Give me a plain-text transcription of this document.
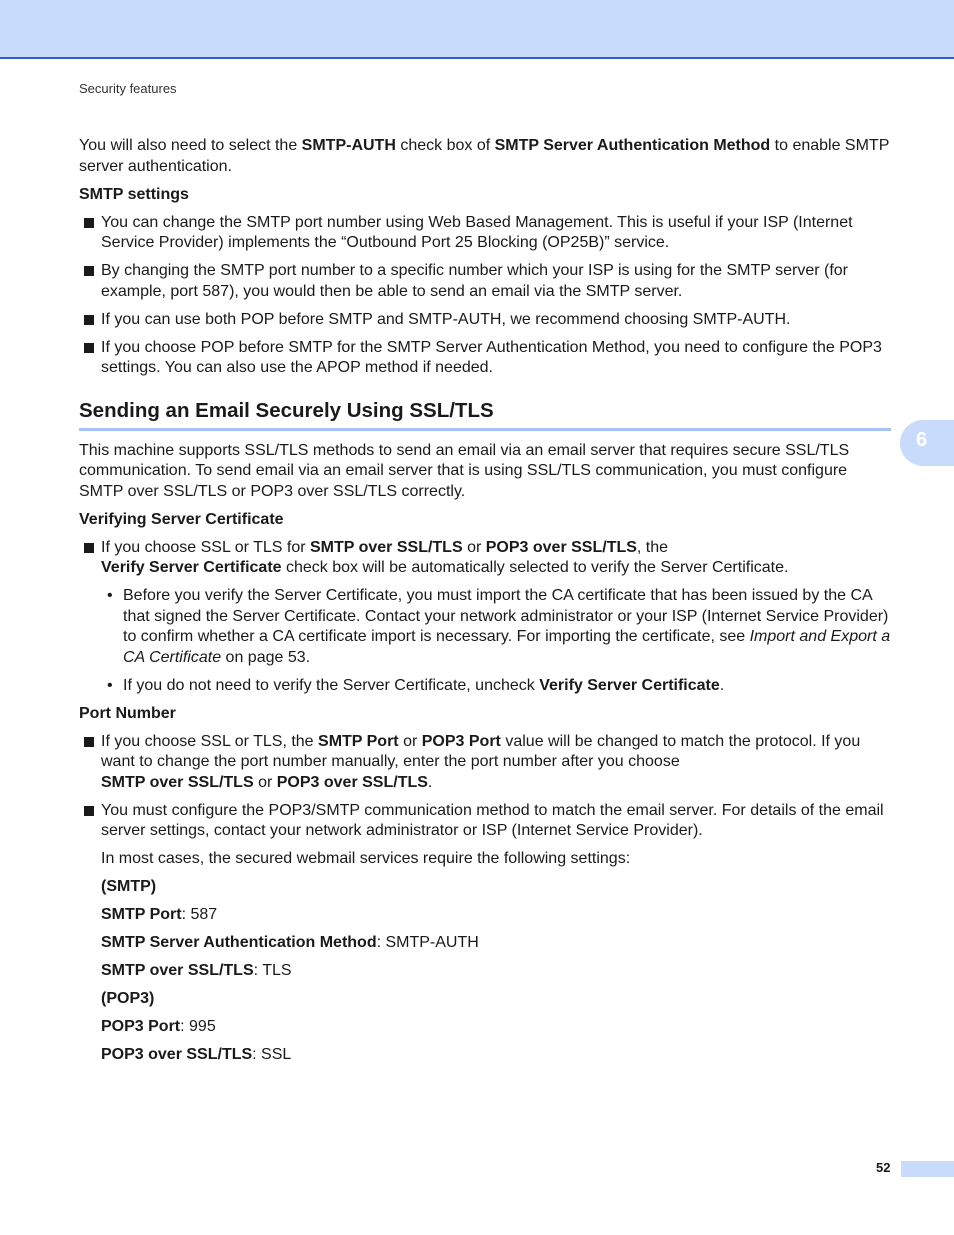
Security features
6

You will also need to select the SMTP-AUTH check box of SMTP Server Authentication Method to enable SMTP server authentication.

SMTP settings
You can change the SMTP port number using Web Based Management. This is useful if your ISP (Internet Service Provider) implements the “Outbound Port 25 Blocking (OP25B)” service.
By changing the SMTP port number to a specific number which your ISP is using for the SMTP server (for example, port 587), you would then be able to send an email via the SMTP server.
If you can use both POP before SMTP and SMTP-AUTH, we recommend choosing SMTP-AUTH.
If you choose POP before SMTP for the SMTP Server Authentication Method, you need to configure the POP3 settings. You can also use the APOP method if needed.
Sending an Email Securely Using SSL/TLS

This machine supports SSL/TLS methods to send an email via an email server that requires secure SSL/TLS communication. To send email via an email server that is using SSL/TLS communication, you must configure SMTP over SSL/TLS or POP3 over SSL/TLS correctly.

Verifying Server Certificate
If you choose SSL or TLS for SMTP over SSL/TLS or POP3 over SSL/TLS, the
Verify Server Certificate check box will be automatically selected to verify the Server Certificate.
• Before you verify the Server Certificate, you must import the CA certificate that has been issued by the CA that signed the Server Certificate. Contact your network administrator or your ISP (Internet Service Provider) to confirm whether a CA certificate import is necessary. For importing the certificate, see Import and Export a CA Certificate on page 53.
• If you do not need to verify the Server Certificate, uncheck Verify Server Certificate.
Port Number
If you choose SSL or TLS, the SMTP Port or POP3 Port value will be changed to match the protocol. If you want to change the port number manually, enter the port number after you choose
SMTP over SSL/TLS or POP3 over SSL/TLS.
You must configure the POP3/SMTP communication method to match the email server. For details of the email server settings, contact your network administrator or ISP (Internet Service Provider).
In most cases, the secured webmail services require the following settings:
(SMTP)
SMTP Port: 587
SMTP Server Authentication Method: SMTP-AUTH
SMTP over SSL/TLS: TLS
(POP3)
POP3 Port: 995
POP3 over SSL/TLS: SSL
52
